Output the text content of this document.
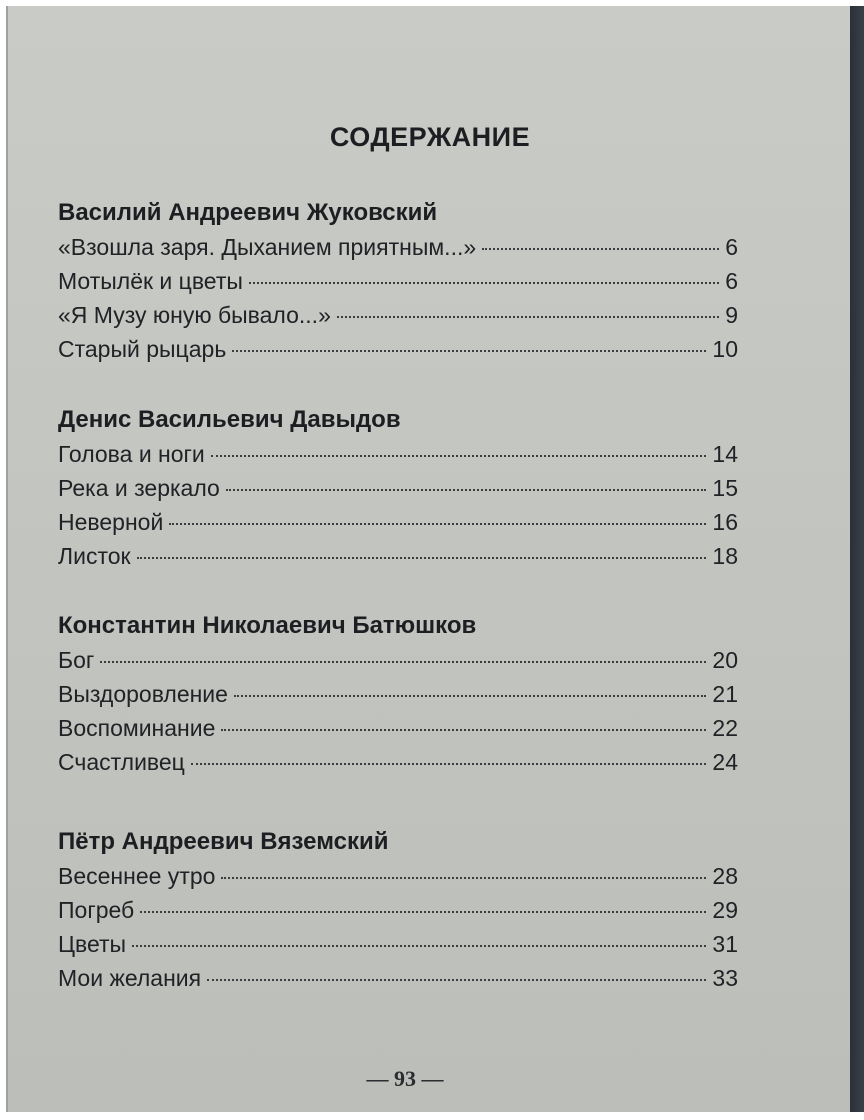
СОДЕРЖАНИЕ
Василий Андреевич Жуковский
«Взошла заря. Дыханием приятным...»	6
Мотылёк и цветы	6
«Я Музу юную бывало...»	9
Старый рыцарь	10
Денис Васильевич Давыдов
Голова и ноги	14
Река и зеркало	15
Неверной	16
Листок	18
Константин Николаевич Батюшков
Бог	20
Выздоровление	21
Воспоминание	22
Счастливец	24
Пётр Андреевич Вяземский
Весеннее утро	28
Погреб	29
Цветы	31
Мои желания	33
— 93 —
